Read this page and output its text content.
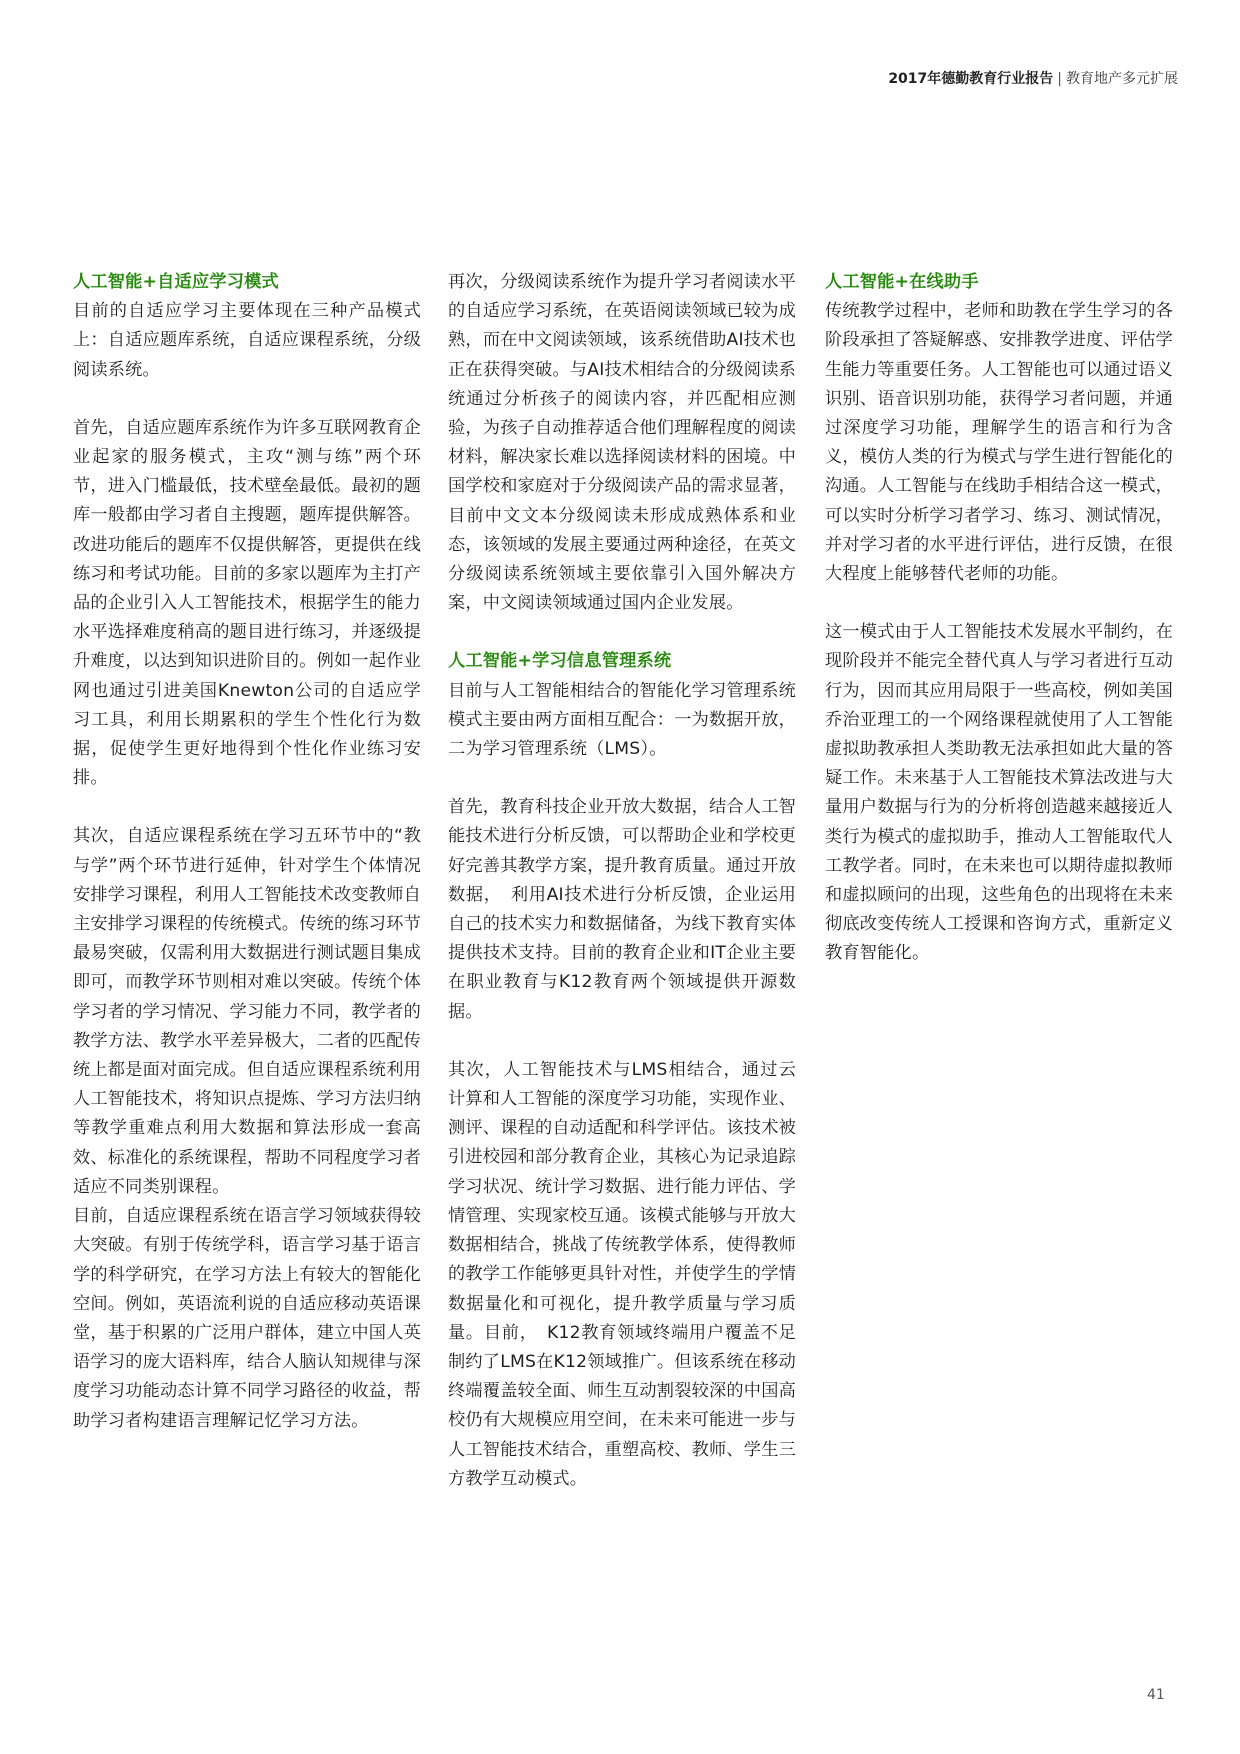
2017年德勤教育行业报告 | 教育地产多元扩展
人工智能+自适应学习模式

目前的自适应学习主要体现在三种产品模式上：自适应题库系统，自适应课程系统，分级阅读系统。

首先，自适应题库系统作为许多互联网教育企业起家的服务模式，主攻“测与练”两个环节，进入门槛最低，技术壁垒最低。最初的题库一般都由学习者自主搜题，题库提供解答。改进功能后的题库不仅提供解答，更提供在线练习和考试功能。目前的多家以题库为主打产品的企业引入人工智能技术，根据学生的能力水平选择难度稍高的题目进行练习，并逐级提升难度，以达到知识进阶目的。例如一起作业网也通过引进美国Knewton公司的自适应学习工具，利用长期累积的学生个性化行为数据，促使学生更好地得到个性化作业练习安排。

其次，自适应课程系统在学习五环节中的“教与学”两个环节进行延伸，针对学生个体情况安排学习课程，利用人工智能技术改变教师自主安排学习课程的传统模式。传统的练习环节最易突破，仅需利用大数据进行测试题目集成即可，而教学环节则相对难以突破。传统个体学习者的学习情况、学习能力不同，教学者的教学方法、教学水平差异极大，二者的匹配传统上都是面对面完成。但自适应课程系统利用人工智能技术，将知识点提炼、学习方法归纳等教学重难点利用大数据和算法形成一套高效、标准化的系统课程，帮助不同程度学习者适应不同类别课程。

目前，自适应课程系统在语言学习领域获得较大突破。有别于传统学科，语言学习基于语言学的科学研究，在学习方法上有较大的智能化空间。例如，英语流利说的自适应移动英语课堂，基于积累的广泛用户群体，建立中国人英语学习的庞大语料库，结合人脑认知规律与深度学习功能动态计算不同学习路径的收益，帮助学习者构建语言理解记忆学习方法。

再次，分级阅读系统作为提升学习者阅读水平的自适应学习系统，在英语阅读领域已较为成熟，而在中文阅读领域，该系统借助AI技术也正在获得突破。与AI技术相结合的分级阅读系统通过分析孩子的阅读内容，并匹配相应测验，为孩子自动推荐适合他们理解程度的阅读材料，解决家长难以选择阅读材料的困境。中国学校和家庭对于分级阅读产品的需求显著，目前中文文本分级阅读未形成成熟体系和业态，该领域的发展主要通过两种途径，在英文分级阅读系统领域主要依靠引入国外解决方案，中文阅读领域通过国内企业发展。

人工智能+学习信息管理系统

目前与人工智能相结合的智能化学习管理系统模式主要由两方面相互配合：一为数据开放，二为学习管理系统（LMS）。

首先，教育科技企业开放大数据，结合人工智能技术进行分析反馈，可以帮助企业和学校更好完善其教学方案，提升教育质量。通过开放数据，　利用AI技术进行分析反馈，企业运用自己的技术实力和数据储备，为线下教育实体提供技术支持。目前的教育企业和IT企业主要在职业教育与K12教育两个领域提供开源数据。

其次，人工智能技术与LMS相结合，通过云计算和人工智能的深度学习功能，实现作业、测评、课程的自动适配和科学评估。该技术被引进校园和部分教育企业，其核心为记录追踪学习状况、统计学习数据、进行能力评估、学情管理、实现家校互通。该模式能够与开放大数据相结合，挑战了传统教学体系，使得教师的教学工作能够更具针对性，并使学生的学情数据量化和可视化，提升教学质量与学习质量。目前，　K12教育领域终端用户覆盖不足制约了LMS在K12领域推广。但该系统在移动终端覆盖较全面、师生互动割裂较深的中国高校仍有大规模应用空间，在未来可能进一步与人工智能技术结合，重塑高校、教师、学生三方教学互动模式。

人工智能+在线助手

传统教学过程中，老师和助教在学生学习的各阶段承担了答疑解惑、安排教学进度、评估学生能力等重要任务。人工智能也可以通过语义识别、语音识别功能，获得学习者问题，并通过深度学习功能，理解学生的语言和行为含义，模仿人类的行为模式与学生进行智能化的沟通。人工智能与在线助手相结合这一模式，可以实时分析学习者学习、练习、测试情况，并对学习者的水平进行评估，进行反馈，在很大程度上能够替代老师的功能。

这一模式由于人工智能技术发展水平制约，在现阶段并不能完全替代真人与学习者进行互动行为，因而其应用局限于一些高校，例如美国乔治亚理工的一个网络课程就使用了人工智能虚拟助教承担人类助教无法承担如此大量的答疑工作。未来基于人工智能技术算法改进与大量用户数据与行为的分析将创造越来越接近人类行为模式的虚拟助手，推动人工智能取代人工教学者。同时，在未来也可以期待虚拟教师和虚拟顾问的出现，这些角色的出现将在未来彻底改变传统人工授课和咨询方式，重新定义教育智能化。

41
